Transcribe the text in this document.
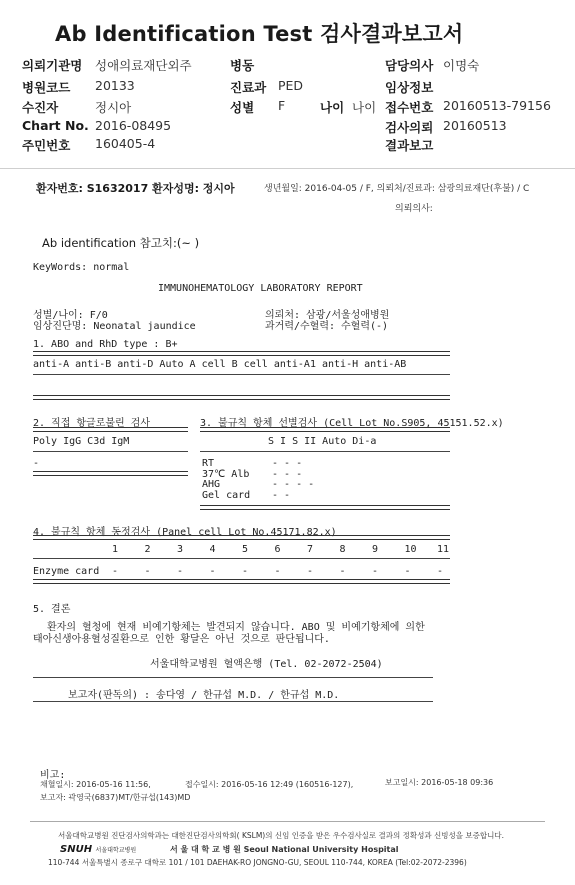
Ab Identification Test 검사결과보고서
의뢰기관명 성애의료재단외주
병원코드 20133
수진자	정시아
Chart No. 2016-08495
주민번호 160405-4
병동
진료과 PED
성별 F	나이 나이
담당의사 이명숙
임상정보
접수번호 20160513-79156
검사의뢰 20160513
결과보고
환자번호: S1632017 환자성명: 정시아	생년월일: 2016-04-05 / F, 의뢰처/진료과: 삼광의료재단(후불) / C
의뢰의사:
Ab identification 참고치:(~ )
KeyWords: normal
IMMUNOHEMATOLOGY LABORATORY REPORT
성별/나이: F/0
임상진단명: Neonatal jaundice
의뢰처: 삼광/서울성애병원
과거력/수혈력: 수혈력(-)
1. ABO and RhD type : B+
anti-A anti-B anti-D Auto A cell B cell anti-A1 anti-H anti-AB
2. 직접 항글로불린 검사
Poly IgG C3d IgM
-
3. 불규칙 항체 선별검사 (Cell Lot No.S905, 45151.52.x)
S I S II Auto Di-a
RT	- - -
37℃ Alb - - -
AHG	- - - -
Gel card - -
4. 불규칙 항체 동정검사 (Panel cell Lot No.45171.82.x)
1	2	3	4	5	6	7	8	9	10 11
Enzyme card -	-	-	-	-	-	-	-	-	-	-
5. 결론
환자의 혈청에 현재 비예기항체는 발견되지 않습니다. ABO 및 비예기항체에 의한
태아신생아용혈성질환으로 인한 황달은 아닌 것으로 판단됩니다.
서울대학교병원 혈액은행 (Tel. 02-2072-2504)
보고자(판독의) : 송다영 / 한규섭 M.D. / 한규섭 M.D.
비고:
채혈일시: 2016-05-16 11:56,	접수일시: 2016-05-16 12:49 (160516-127),	보고일시: 2016-05-18 09:36
보고자: 곽영국(6837)MT/한규섭(143)MD
서울대학교병원 진단검사의학과는 대한진단검사의학회( KSLM)의 신임 인증을 받은 우수검사실로 결과의 정확성과 신빙성을 보증합니다.
SNUH 서울대학교병원	서 울 대 학 교 병 원 Seoul National University Hospital
110-744 서울특별시 종로구 대학로 101 / 101 DAEHAK-RO JONGNO-GU, SEOUL 110-744, KOREA (Tel:02-2072-2396)
